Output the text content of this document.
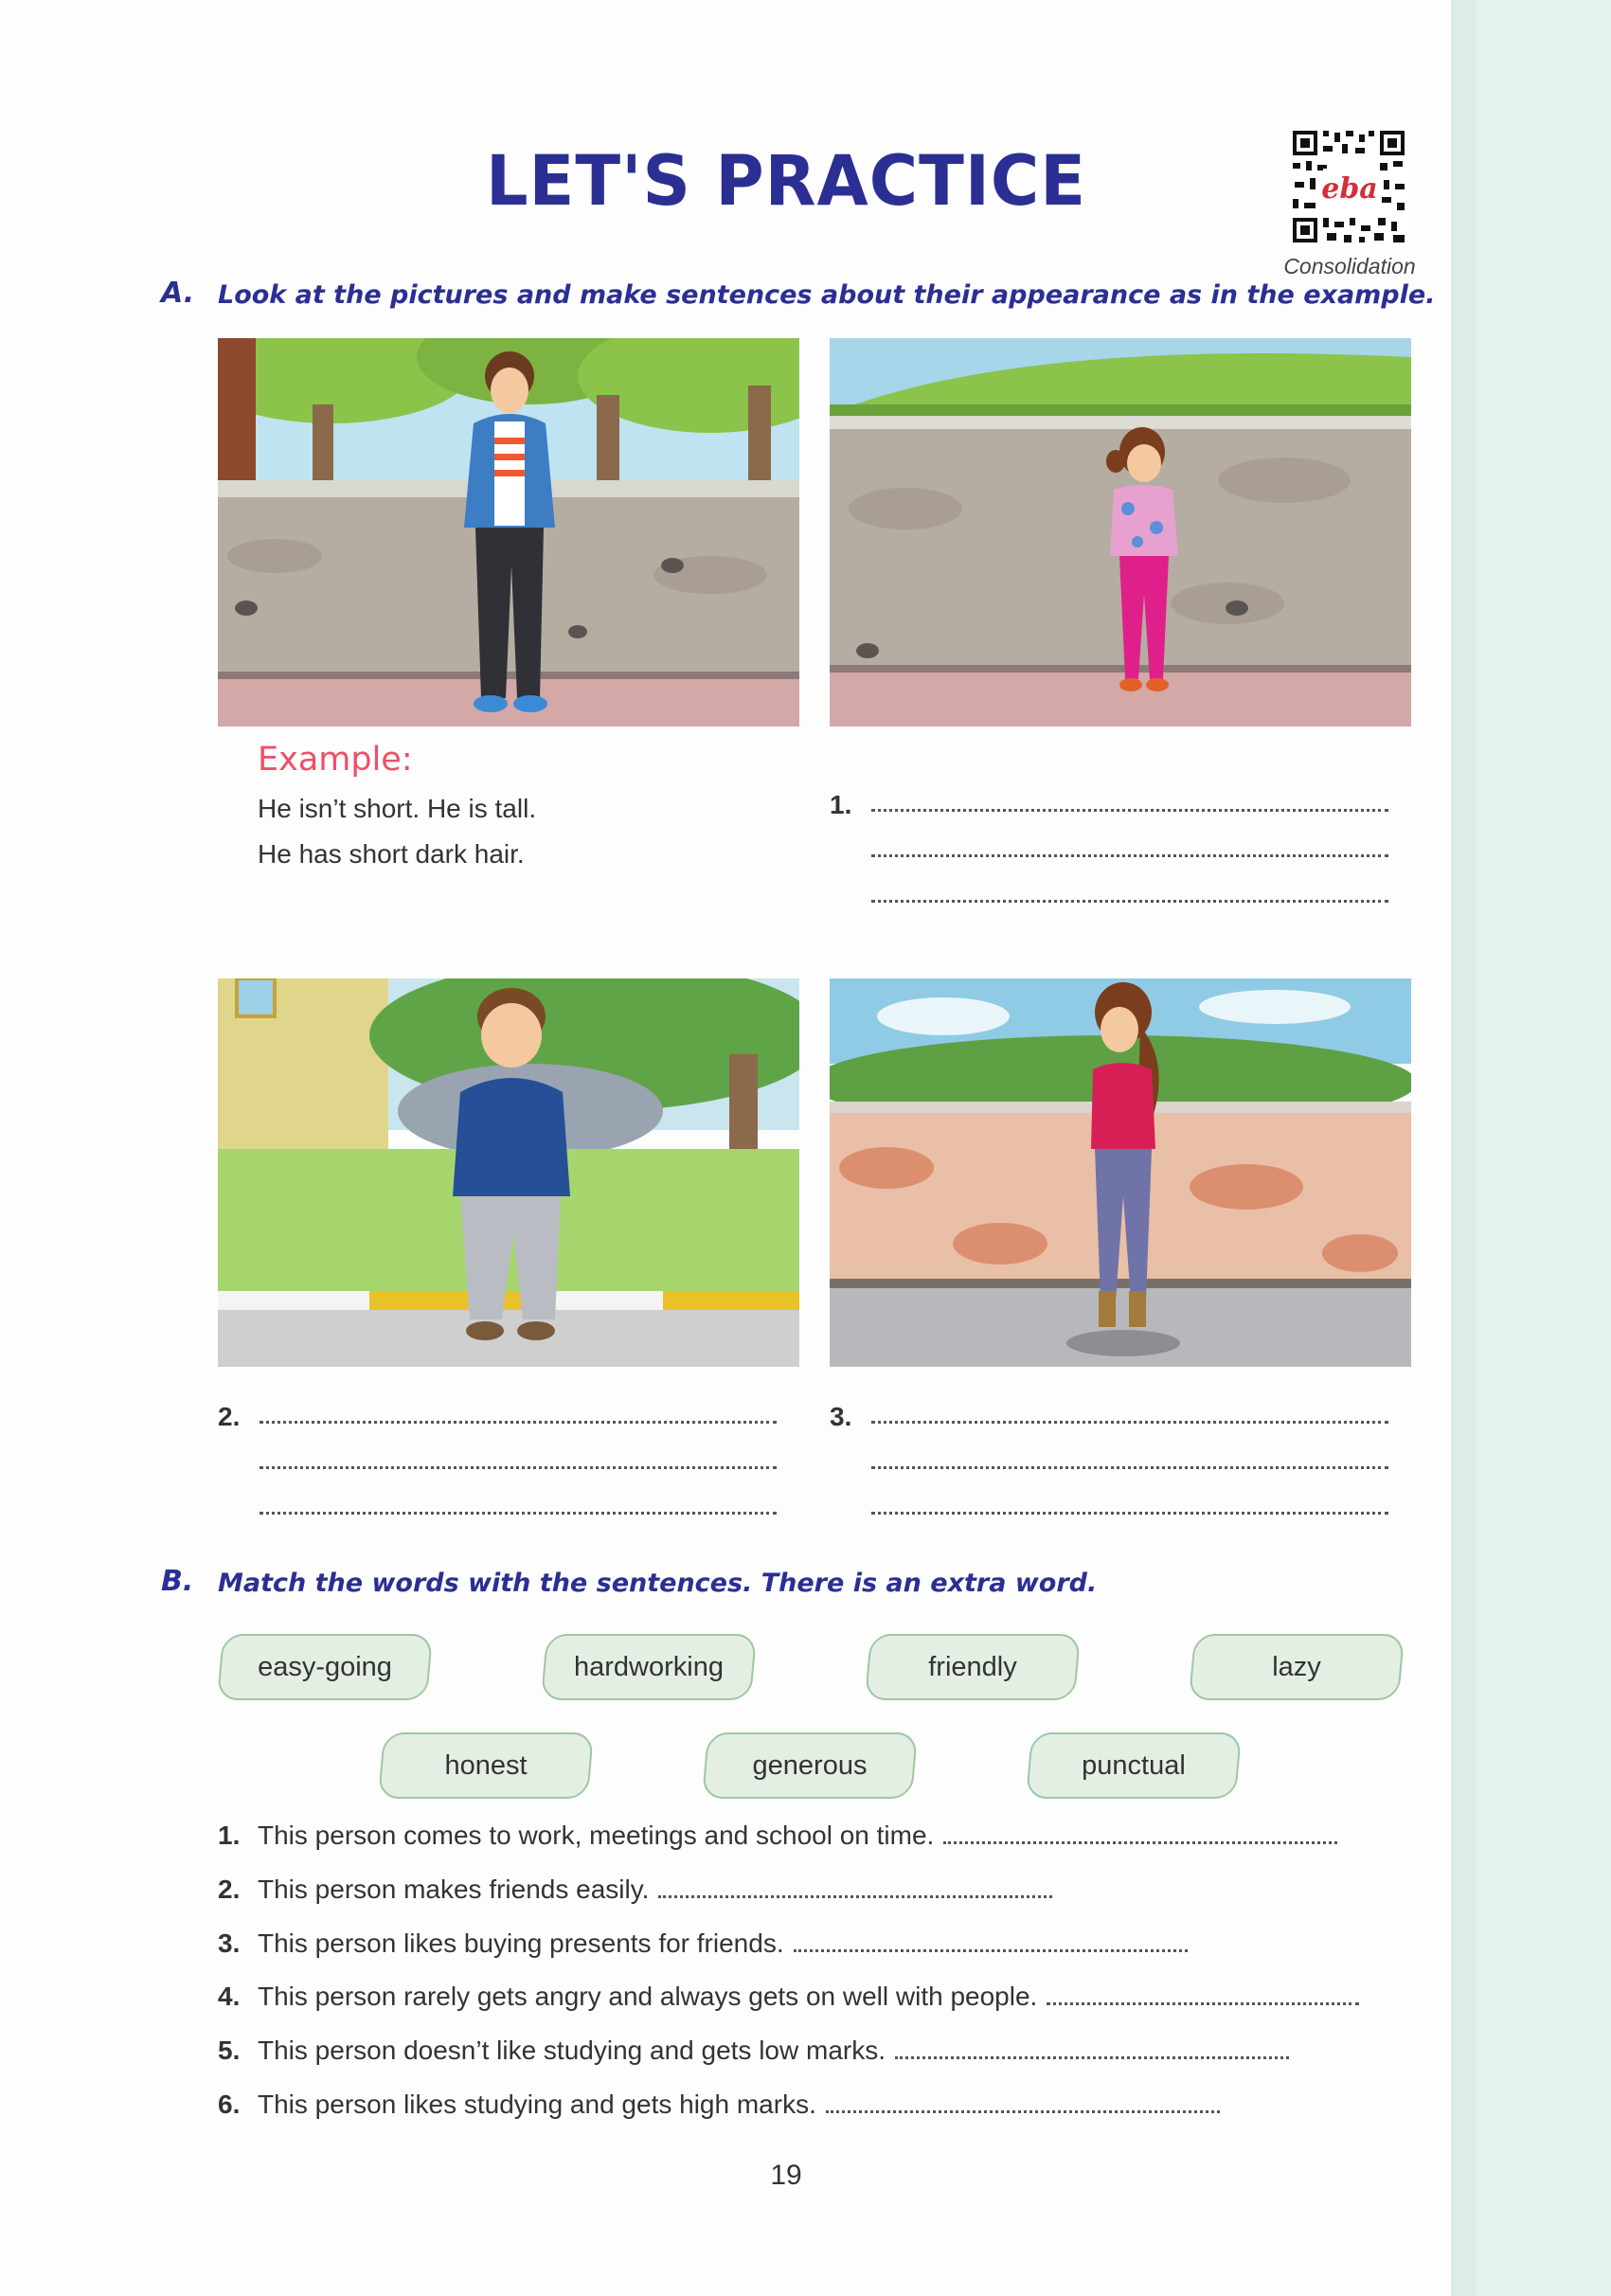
LET'S PRACTICE	eba
Consolidation
A. Look at the pictures and make sentences about their appearance as in the example.
Example:
He isn’t short. He is tall.
He has short dark hair.
1.
2.	3.
B. Match the words with the sentences. There is an extra word.
easy-going	hardworking	friendly	lazy
honest	generous	punctual
1. This person comes to work, meetings and school on time.
2. This person makes friends easily.
3. This person likes buying presents for friends.
4. This person rarely gets angry and always gets on well with people.
5. This person doesn’t like studying and gets low marks.
6. This person likes studying and gets high marks.
19
